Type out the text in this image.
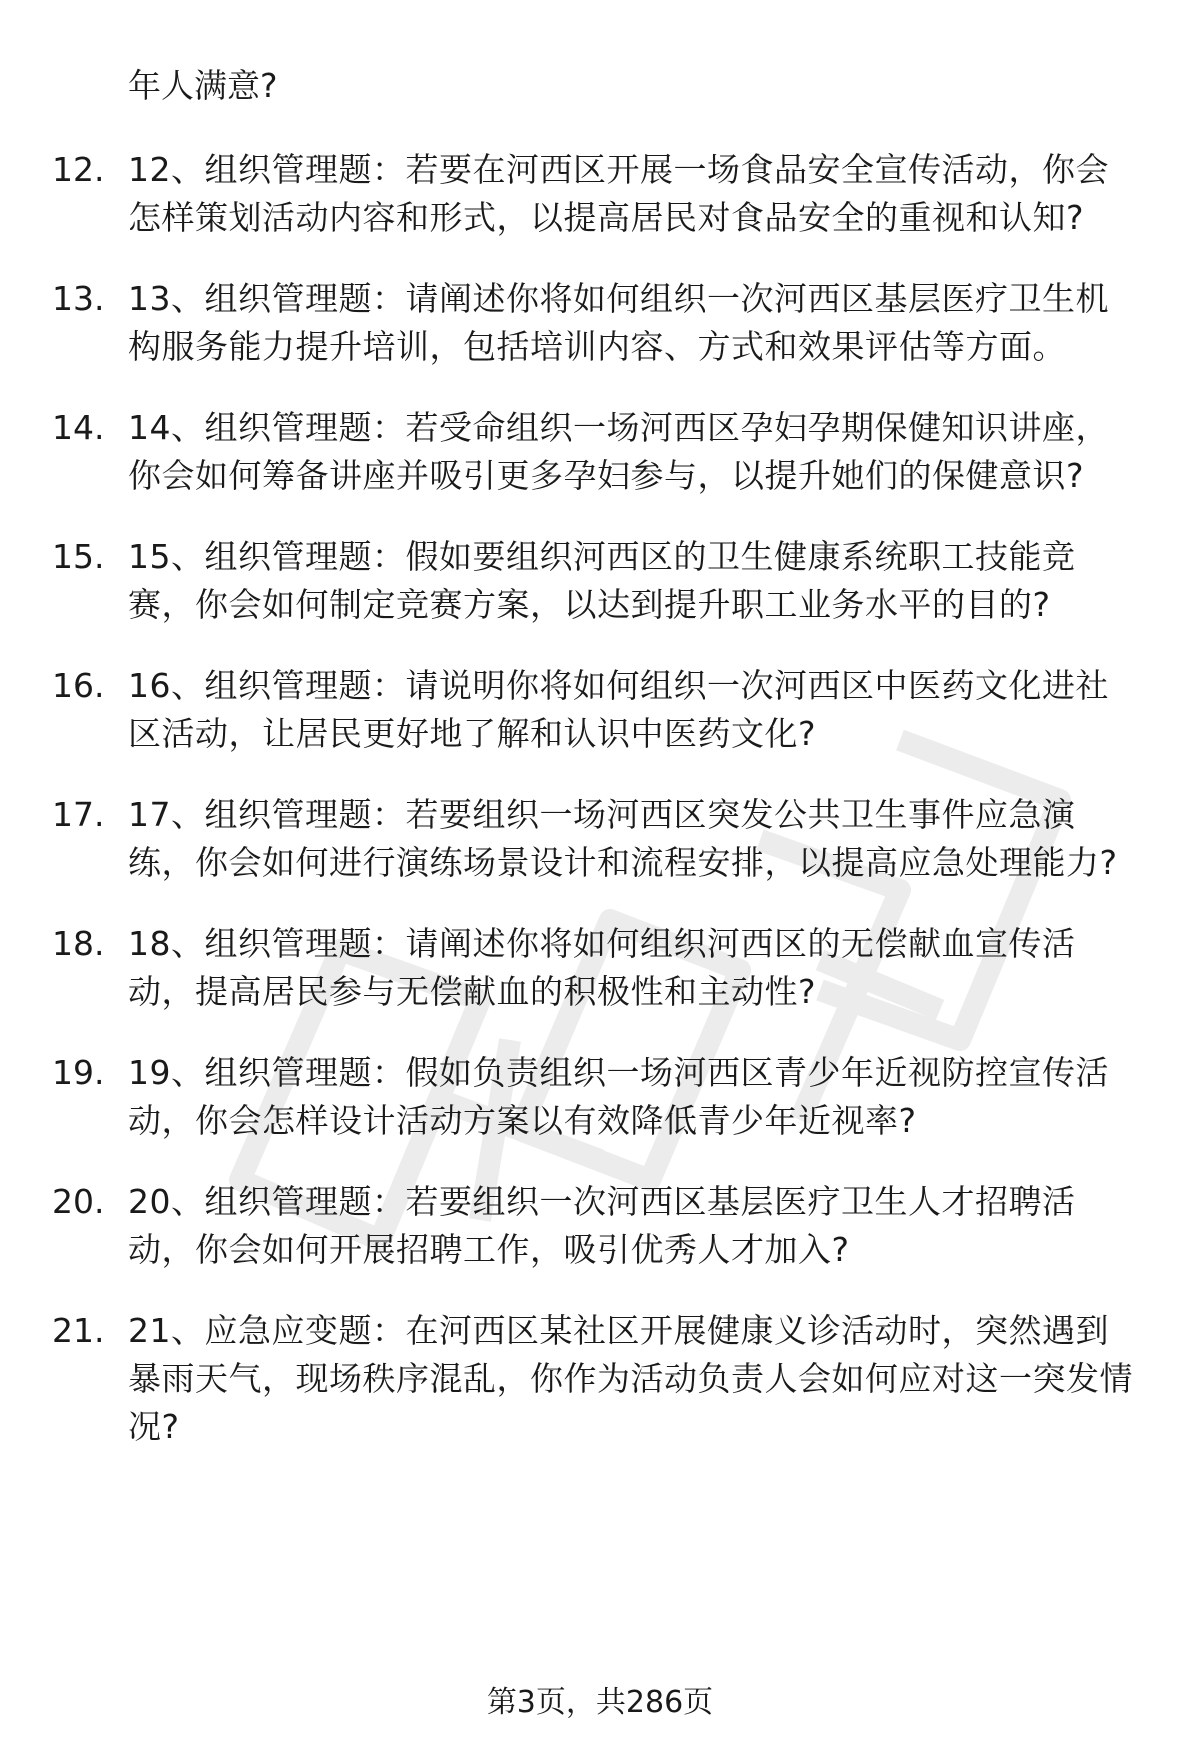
年人满意?

12. 12、组织管理题：若要在河西区开展一场食品安全宣传活动，你会怎样策划活动内容和形式，以提高居民对食品安全的重视和认知?
13. 13、组织管理题：请阐述你将如何组织一次河西区基层医疗卫生机构服务能力提升培训，包括培训内容、方式和效果评估等方面。
14. 14、组织管理题：若受命组织一场河西区孕妇孕期保健知识讲座，你会如何筹备讲座并吸引更多孕妇参与，以提升她们的保健意识?
15. 15、组织管理题：假如要组织河西区的卫生健康系统职工技能竞赛，你会如何制定竞赛方案，以达到提升职工业务水平的目的?
16. 16、组织管理题：请说明你将如何组织一次河西区中医药文化进社区活动，让居民更好地了解和认识中医药文化?
17. 17、组织管理题：若要组织一场河西区突发公共卫生事件应急演练，你会如何进行演练场景设计和流程安排，以提高应急处理能力?
18. 18、组织管理题：请阐述你将如何组织河西区的无偿献血宣传活动，提高居民参与无偿献血的积极性和主动性?
19. 19、组织管理题：假如负责组织一场河西区青少年近视防控宣传活动，你会怎样设计活动方案以有效降低青少年近视率?
20. 20、组织管理题：若要组织一次河西区基层医疗卫生人才招聘活动，你会如何开展招聘工作，吸引优秀人才加入?
21. 21、应急应变题：在河西区某社区开展健康义诊活动时，突然遇到暴雨天气，现场秩序混乱，你作为活动负责人会如何应对这一突发情况?
第3页，共286页
